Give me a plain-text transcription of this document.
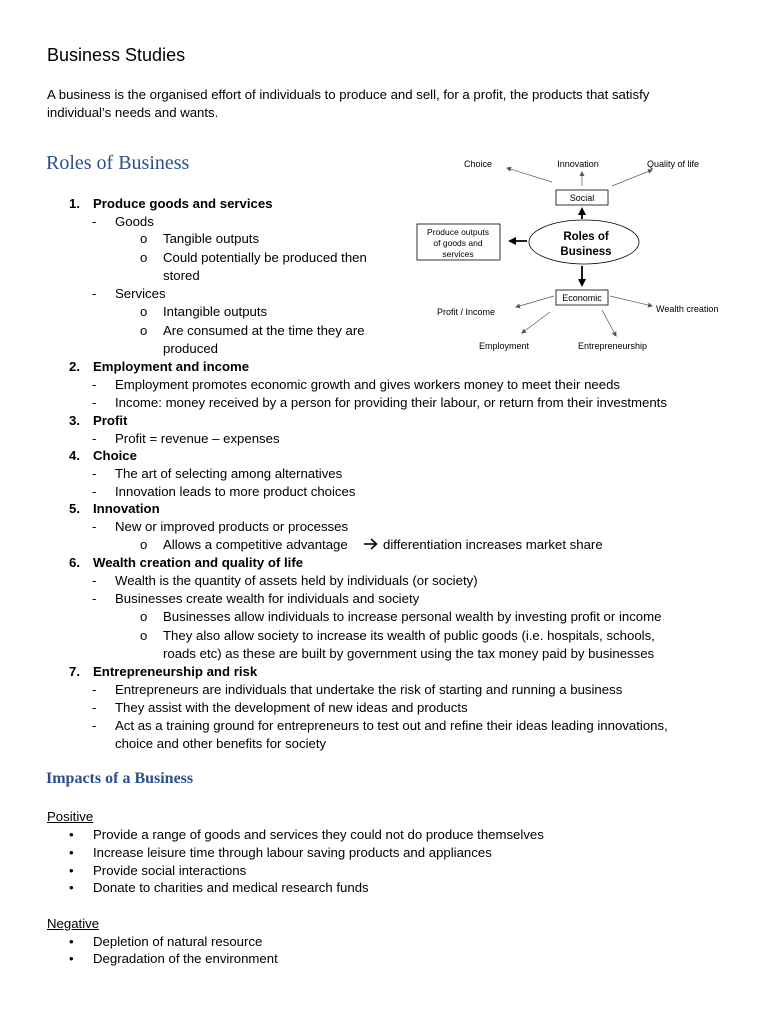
Business Studies
A business is the organised effort of individuals to produce and sell, for a profit, the products that satisfy
individual’s needs and wants.
Roles of Business
1. Produce goods and services
- Goods
o Tangible outputs
o Could potentially be produced then
stored
- Services
o Intangible outputs
o Are consumed at the time they are
produced
2. Employment and income
- Employment promotes economic growth and gives workers money to meet their needs
- Income: money received by a person for providing their labour, or return from their investments
3. Profit
- Profit = revenue – expenses
4. Choice
- The art of selecting among alternatives
- Innovation leads to more product choices
5. Innovation
- New or improved products or processes
o Allows a competitive advantage	differentiation increases market share
6. Wealth creation and quality of life
- Wealth is the quantity of assets held by individuals (or society)
- Businesses create wealth for individuals and society
o Businesses allow individuals to increase personal wealth by investing profit or income
o They also allow society to increase its wealth of public goods (i.e. hospitals, schools,
roads etc) as these are built by government using the tax money paid by businesses
7. Entrepreneurship and risk
- Entrepreneurs are individuals that undertake the risk of starting and running a business
- They assist with the development of new ideas and products
- Act as a training ground for entrepreneurs to test out and refine their ideas leading innovations,
choice and other benefits for society
Choice	Innovation	Quality of life
Social
Roles of
Business
Produce outputs
of goods and
services
Economic
Profit / Income	Wealth creation
Employment	Entrepreneurship
Impacts of a Business
Positive
• Provide a range of goods and services they could not do produce themselves
• Increase leisure time through labour saving products and appliances
• Provide social interactions
• Donate to charities and medical research funds
Negative
• Depletion of natural resource
• Degradation of the environment
